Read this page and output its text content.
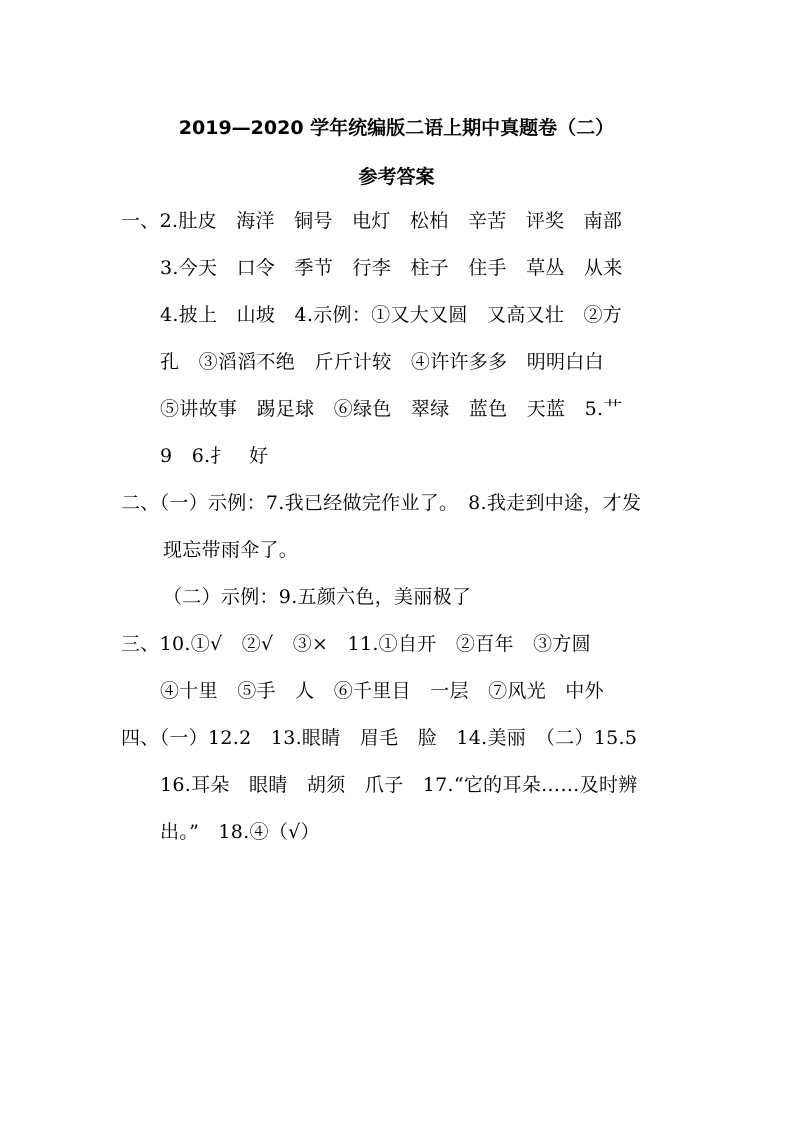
2019—2020 学年统编版二语上期中真题卷（二）
参考答案
一、2.肚皮　海洋　铜号　电灯　松柏　辛苦　评奖　南部
3.今天　口令　季节　行李　柱子　住手　草丛　从来
4.披上　山坡　4.示例：①又大又圆　又高又壮　②方
孔　③滔滔不绝　斤斤计较　④许许多多　明明白白
⑤讲故事　踢足球　⑥绿色　翠绿　蓝色　天蓝　5.艹
9　6.扌　好
二、（一）示例：7.我已经做完作业了。　8.我走到中途，才发
现忘带雨伞了。
（二）示例：9.五颜六色，美丽极了
三、10.①√　②√　③×　11.①自开　②百年　③方圆
④十里　⑤手　人　⑥千里目　一层　⑦风光　中外
四、（一）12.2　13.眼睛　眉毛　脸　14.美丽　（二）15.5
16.耳朵　眼睛　胡须　爪子　17.“它的耳朵……及时辨
出。”　18.④（√）
